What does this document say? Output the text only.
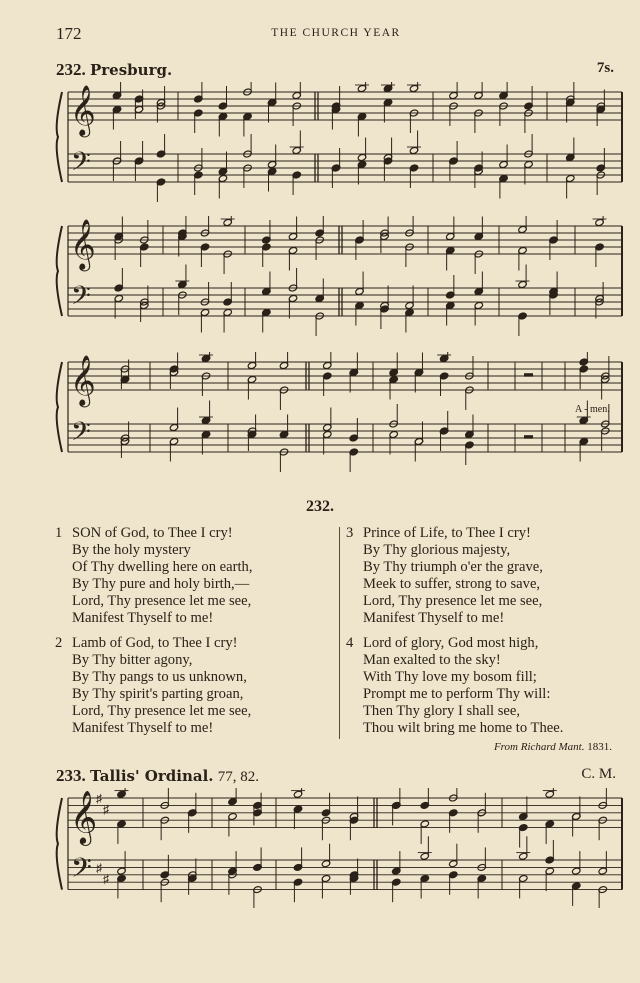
172	THE CHURCH YEAR
232. Presburg.	7s.
𝄞
𝄢
𝄞
𝄢
𝄞
𝄢
A - men.
232.
1 SON of God, to Thee I cry!
By the holy mystery
Of Thy dwelling here on earth,
By Thy pure and holy birth,—
Lord, Thy presence let me see,
Manifest Thyself to me!
2 Lamb of God, to Thee I cry!
By Thy bitter agony,
By Thy pangs to us unknown,
By Thy spirit's parting groan,
Lord, Thy presence let me see,
Manifest Thyself to me!
3 Prince of Life, to Thee I cry!
By Thy glorious majesty,
By Thy triumph o'er the grave,
Meek to suffer, strong to save,
Lord, Thy presence let me see,
Manifest Thyself to me!
4 Lord of glory, God most high,
Man exalted to the sky!
With Thy love my bosom fill;
Prompt me to perform Thy will:
Then Thy glory I shall see,
Thou wilt bring me home to Thee.
From Richard Mant. 1831.
233. Tallis' Ordinal. 77, 82.	C. M.
𝄞
𝄢
♯
♯
♯
♯
